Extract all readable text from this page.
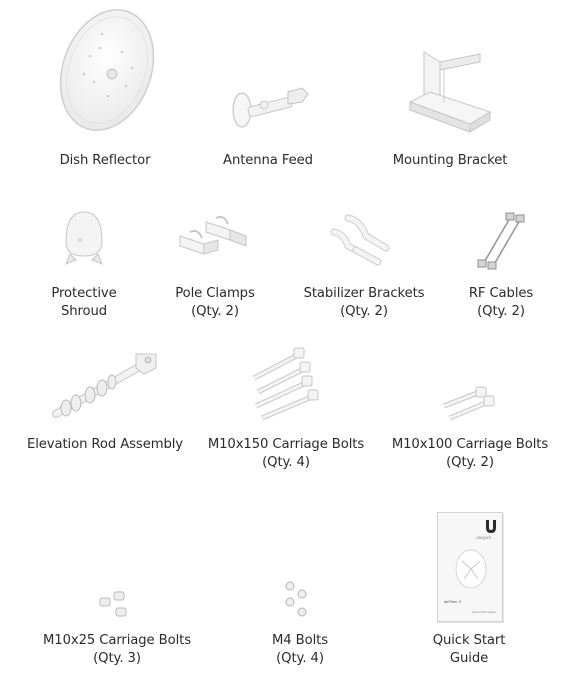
Dish Reflector	Antenna Feed	Mounting Bracket
Protective
Shroud
Pole Clamps
(Qty. 2)
Stabilizer Brackets
(Qty. 2)
RF Cables
(Qty. 2)
Elevation Rod Assembly	M10x150 Carriage Bolts
(Qty. 4)
M10x100 Carriage Bolts
(Qty. 2)
M10x25 Carriage Bolts
(Qty. 3)
M4 Bolts
(Qty. 4)
UBIQUITI
airFiber X
Quick Start Guide
Quick Start
Guide
